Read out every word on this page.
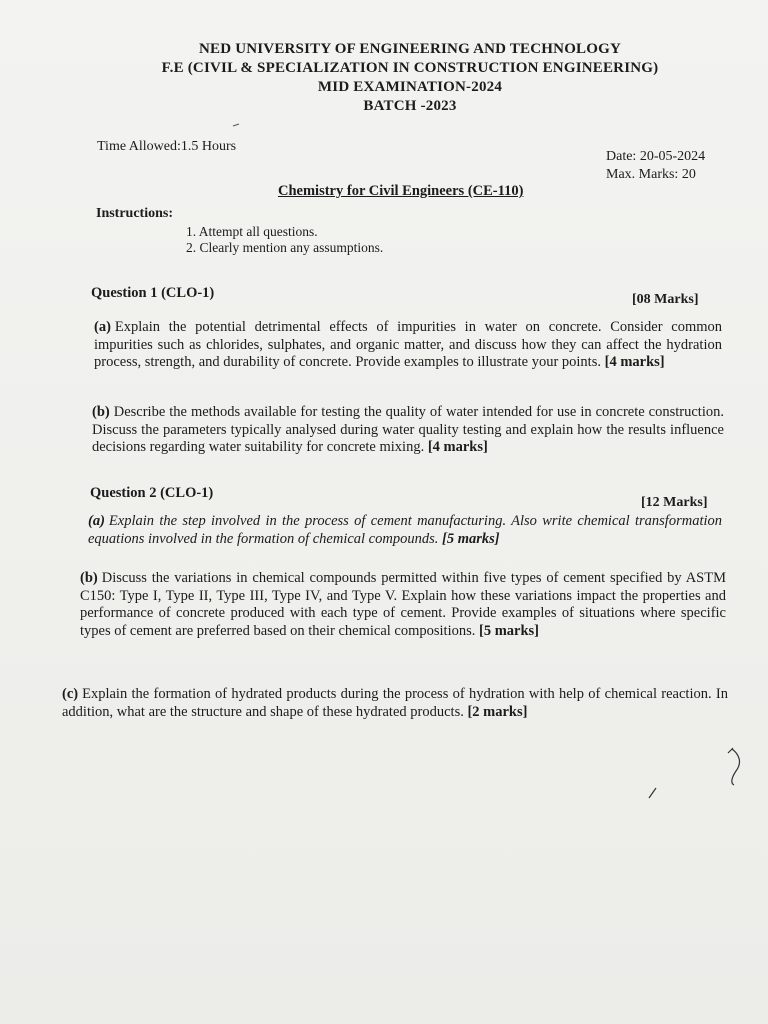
NED UNIVERSITY OF ENGINEERING AND TECHNOLOGY
F.E (CIVIL & SPECIALIZATION IN CONSTRUCTION ENGINEERING)
MID EXAMINATION-2024
BATCH -2023
Time Allowed:1.5 Hours
Date: 20-05-2024
Max. Marks: 20
Chemistry for Civil Engineers (CE-110)
Instructions:
1. Attempt all questions.
2. Clearly mention any assumptions.
Question 1 (CLO-1)	[08 Marks]
(a) Explain the potential detrimental effects of impurities in water on concrete. Consider common impurities such as chlorides, sulphates, and organic matter, and discuss how they can affect the hydration process, strength, and durability of concrete. Provide examples to illustrate your points. [4 marks]
(b) Describe the methods available for testing the quality of water intended for use in concrete construction. Discuss the parameters typically analysed during water quality testing and explain how the results influence decisions regarding water suitability for concrete mixing. [4 marks]
Question 2 (CLO-1)
[12 Marks]
(a) Explain the step involved in the process of cement manufacturing. Also write chemical transformation equations involved in the formation of chemical compounds. [5 marks]
(b) Discuss the variations in chemical compounds permitted within five types of cement specified by ASTM C150: Type I, Type II, Type III, Type IV, and Type V. Explain how these variations impact the properties and performance of concrete produced with each type of cement. Provide examples of situations where specific types of cement are preferred based on their chemical compositions. [5 marks]
(c) Explain the formation of hydrated products during the process of hydration with help of chemical reaction. In addition, what are the structure and shape of these hydrated products. [2 marks]
